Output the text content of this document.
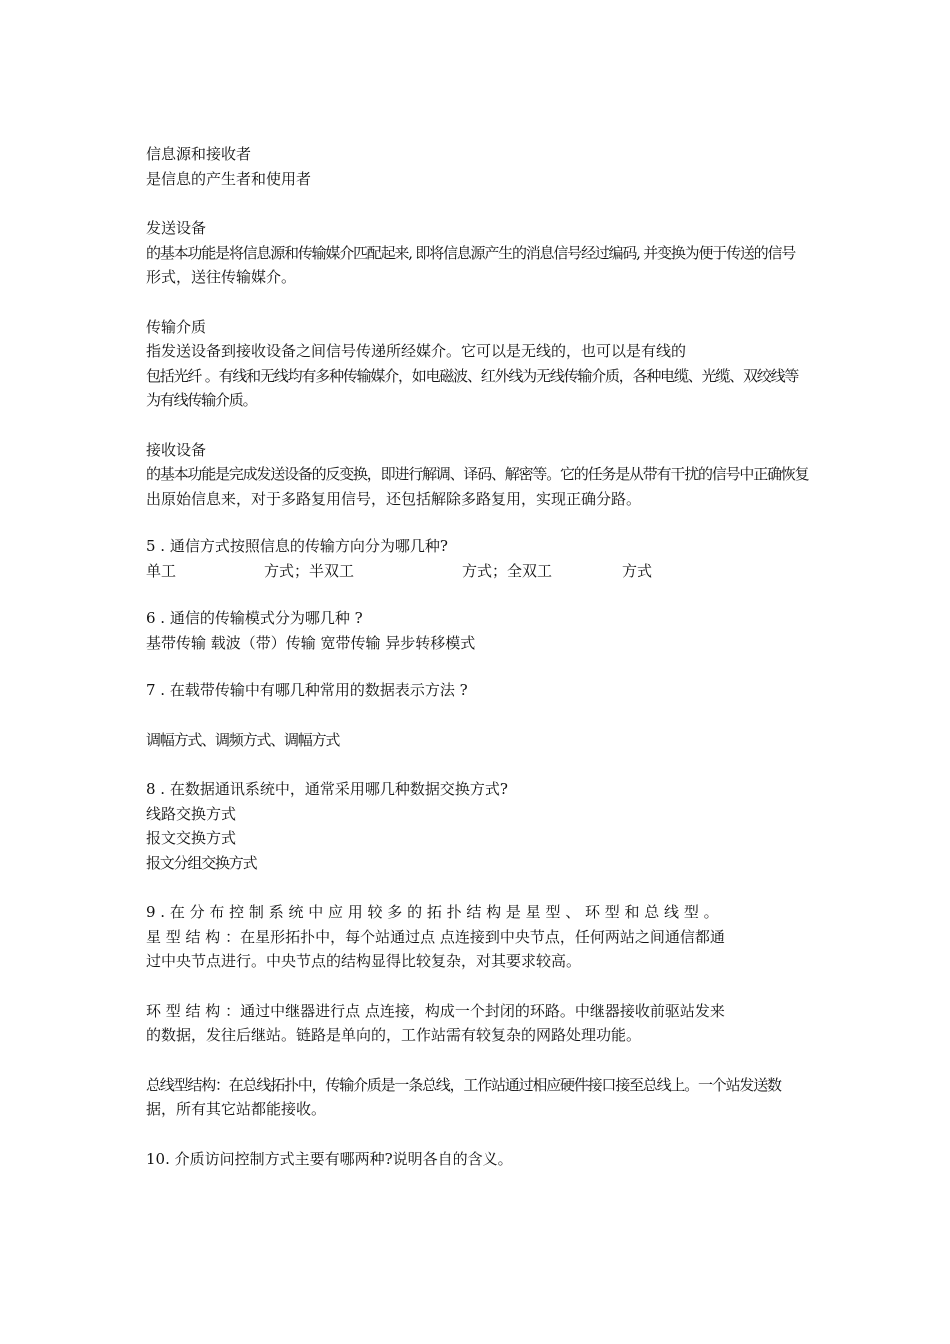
信息源和接收者
是信息的产生者和使用者
发送设备
的基本功能是将信息源和传输媒介匹配起来, 即将信息源产生的消息信号经过编码, 并变换为便于传送的信号
形式，送往传输媒介。
传输介质
指发送设备到接收设备之间信号传递所经媒介。它可以是无线的，也可以是有线的
包括光纤 。有线和无线均有多种传输媒介，如电磁波、红外线为无线传输介质，各种电缆、光缆、双绞线等
为有线传输介质。
接收设备
的基本功能是完成发送设备的反变换，即进行解调、译码、解密等。它的任务是从带有干扰的信号中正确恢复
出原始信息来，对于多路复用信号，还包括解除多路复用，实现正确分路。
5 . 通信方式按照信息的传输方向分为哪几种?
单工	方式；半双工	方式；全双工	方式
6 . 通信的传输模式分为哪几种 ?
基带传输 载波（带）传输 宽带传输 异步转移模式
7 . 在载带传输中有哪几种常用的数据表示方法 ?
调幅方式、调频方式、调幅方式
8 . 在数据通讯系统中，通常采用哪几种数据交换方式?
线路交换方式
报文交换方式
报文分组交换方式
9 . 在 分 布 控 制 系 统 中 应 用 较 多 的 拓 扑 结 构 是 星 型 、 环 型 和 总 线 型 。
星 型 结 构 ：在星形拓扑中，每个站通过点 点连接到中央节点，任何两站之间通信都通
过中央节点进行。中央节点的结构显得比较复杂，对其要求较高。
环 型 结 构 ：通过中继器进行点 点连接，构成一个封闭的环路。中继器接收前驱站发来
的数据，发往后继站。链路是单向的，工作站需有较复杂的网路处理功能。
总线型结构：在总线拓扑中，传输介质是一条总线，工作站通过相应硬件接口接至总线上。一个站发送数
据，所有其它站都能接收。
10. 介质访问控制方式主要有哪两种?说明各自的含义。
